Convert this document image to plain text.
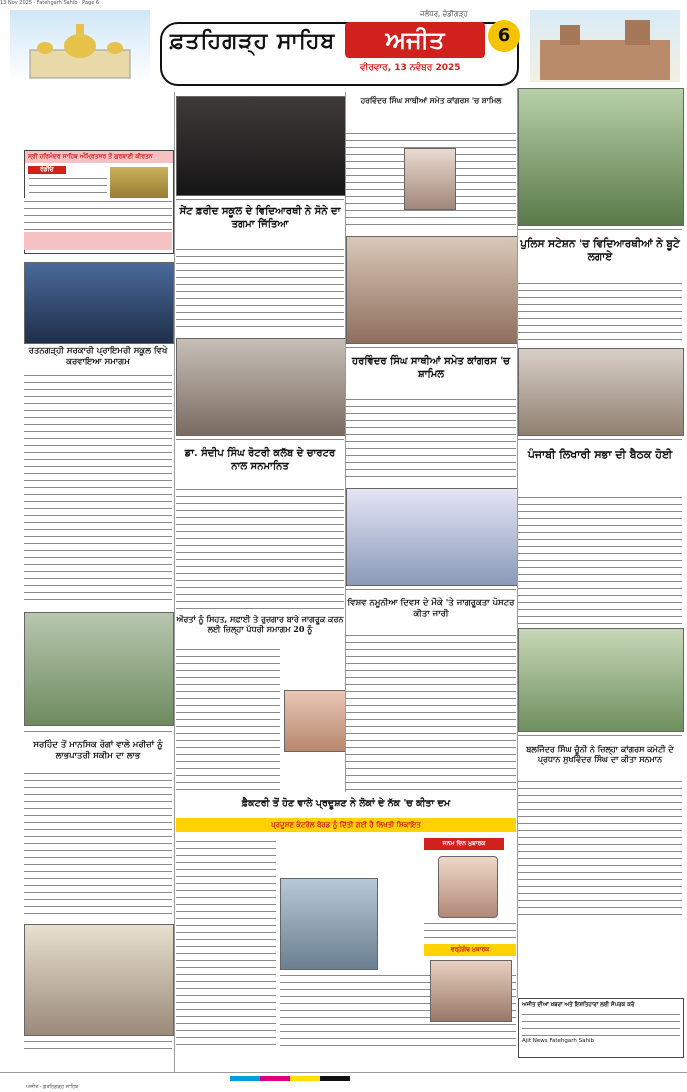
13 Nov 2025 · Fatehgarh Sahib · Page 6
ਫ਼ਤਹਿਗੜ੍ਹ ਸਾਹਿਬ
ਜਲੰਧਰ, ਚੰਡੀਗੜ੍ਹ
ਅਜੀਤ
ਵੀਰਵਾਰ, 13 ਨਵੰਬਰ 2025
6
ਸ੍ਰੀ ਹਰਿਮੰਦਰ ਸਾਹਿਬ ਅੰਮ੍ਰਿਤਸਰ ਤੋਂ ਗੁਰਬਾਣੀ ਕੀਰਤਨ
ਰੇਡੀਓ
ਰਤਨਗੜ੍ਹੀ ਸਰਕਾਰੀ ਪ੍ਰਾਇਮਰੀ ਸਕੂਲ ਵਿਖੇ ਕਰਵਾਇਆ ਸਮਾਗਮ
ਸਰਹਿੰਦ ਤੋਂ ਮਾਨਸਿਕ ਰੋਗਾਂ ਵਾਲੇ ਮਰੀਜ਼ਾਂ ਨੂੰ ਲਾਭਪਾਤਰੀ ਸਕੀਮ ਦਾ ਲਾਭ
ਸੇਂਟ ਫ਼ਰੀਦ ਸਕੂਲ ਦੇ ਵਿਦਿਆਰਥੀ ਨੇ ਸੋਨੇ ਦਾ ਤਗਮਾ ਜਿੱਤਿਆ
ਡਾ. ਸੰਦੀਪ ਸਿੰਘ ਰੋਟਰੀ ਕਲੱਬ ਦੇ ਚਾਰਟਰ ਨਾਲ ਸਨਮਾਨਿਤ
ਔਰਤਾਂ ਨੂੰ ਸਿਹਤ, ਸਫ਼ਾਈ ਤੇ ਰੁਜ਼ਗਾਰ ਬਾਰੇ ਜਾਗਰੂਕ ਕਰਨ ਲਈ ਜ਼ਿਲ੍ਹਾ ਪੱਧਰੀ ਸਮਾਗਮ 20 ਨੂੰ
ਫ਼ੈਕਟਰੀ ਤੋਂ ਹੋਣ ਵਾਲੇ ਪ੍ਰਦੂਸ਼ਣ ਨੇ ਲੋਕਾਂ ਦੇ ਨੱਕ 'ਚ ਕੀਤਾ ਦਮ
ਪ੍ਰਦੂਸ਼ਣ ਕੰਟਰੋਲ ਬੋਰਡ ਨੂੰ ਦਿੱਤੀ ਗਈ ਹੈ ਲਿਖਤੀ ਸ਼ਿਕਾਇਤ
ਹਰਵਿੰਦਰ ਸਿੰਘ ਸਾਥੀਆਂ ਸਮੇਤ ਕਾਂਗਰਸ 'ਚ ਸ਼ਾਮਿਲ
ਹਰਵਿੰਦਰ ਸਿੰਘ ਸਾਥੀਆਂ ਸਮੇਤ ਕਾਂਗਰਸ 'ਚ ਸ਼ਾਮਿਲ
ਵਿਸ਼ਵ ਨਮੂਨੀਆ ਦਿਵਸ ਦੇ ਮੌਕੇ 'ਤੇ ਜਾਗਰੂਕਤਾ ਪੋਸਟਰ ਕੀਤਾ ਜਾਰੀ
ਪੁਲਿਸ ਸਟੇਸ਼ਨ 'ਚ ਵਿਦਿਆਰਥੀਆਂ ਨੇ ਬੂਟੇ ਲਗਾਏ
ਪੰਜਾਬੀ ਲਿਖਾਰੀ ਸਭਾ ਦੀ ਬੈਠਕ ਹੋਈ
ਬਲਜਿੰਦਰ ਸਿੰਘ ਚੂੰਨੀ ਨੇ ਜ਼ਿਲ੍ਹਾ ਕਾਂਗਰਸ ਕਮੇਟੀ ਦੇ ਪ੍ਰਧਾਨ ਸੁਖਵਿੰਦਰ ਸਿੰਘ ਦਾ ਕੀਤਾ ਸਨਮਾਨ
ਜਨਮ ਦਿਨ ਮੁਬਾਰਕ
ਵਰ੍ਹੇਗੰਢ ਮੁਬਾਰਕ
ਅਜੀਤ ਦੀਆਂ ਖ਼ਬਰਾਂ ਅਤੇ ਇਸ਼ਤਿਹਾਰਾਂ ਲਈ ਸੰਪਰਕ ਕਰੋ
Ajit News Fatehgarh Sahib
ਅਜੀਤ · ਫ਼ਤਹਿਗੜ੍ਹ ਸਾਹਿਬ
